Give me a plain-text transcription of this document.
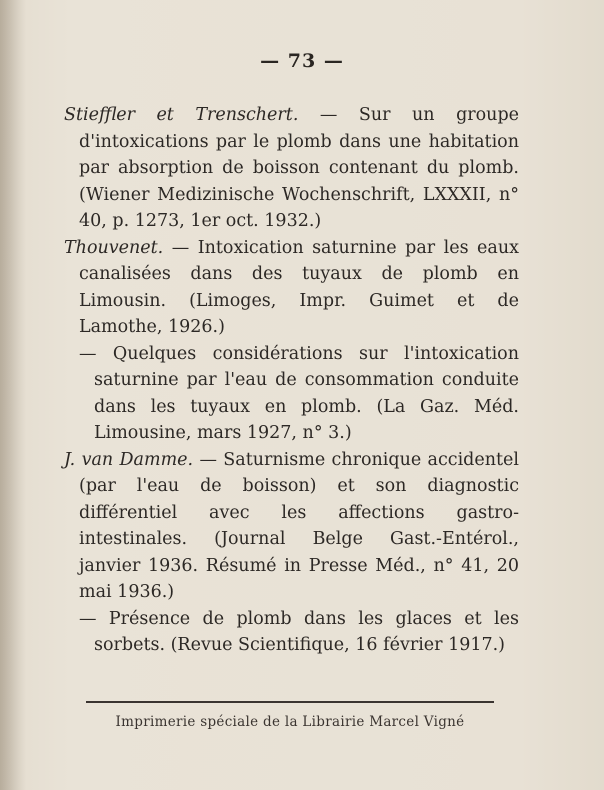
— 73 —

Stieffler et Trenschert. — Sur un groupe d'intoxications par le plomb dans une habitation par absorption de boisson contenant du plomb. (Wiener Medizinische Wochenschrift, LXXXII, n° 40, p. 1273, 1er oct. 1932.)

Thouvenet. — Intoxication saturnine par les eaux canalisées dans des tuyaux de plomb en Limousin. (Limoges, Impr. Guimet et de Lamothe, 1926.)

— Quelques considérations sur l'intoxication saturnine par l'eau de consommation conduite dans les tuyaux en plomb. (La Gaz. Méd. Limousine, mars 1927, n° 3.)

J. van Damme. — Saturnisme chronique accidentel (par l'eau de boisson) et son diagnostic différentiel avec les affections gastro-intestinales. (Journal Belge Gast.-Entérol., janvier 1936. Résumé in Presse Méd., n° 41, 20 mai 1936.)

— Présence de plomb dans les glaces et les sorbets. (Revue Scientifique, 16 février 1917.)

Imprimerie spéciale de la Librairie Marcel Vigné
